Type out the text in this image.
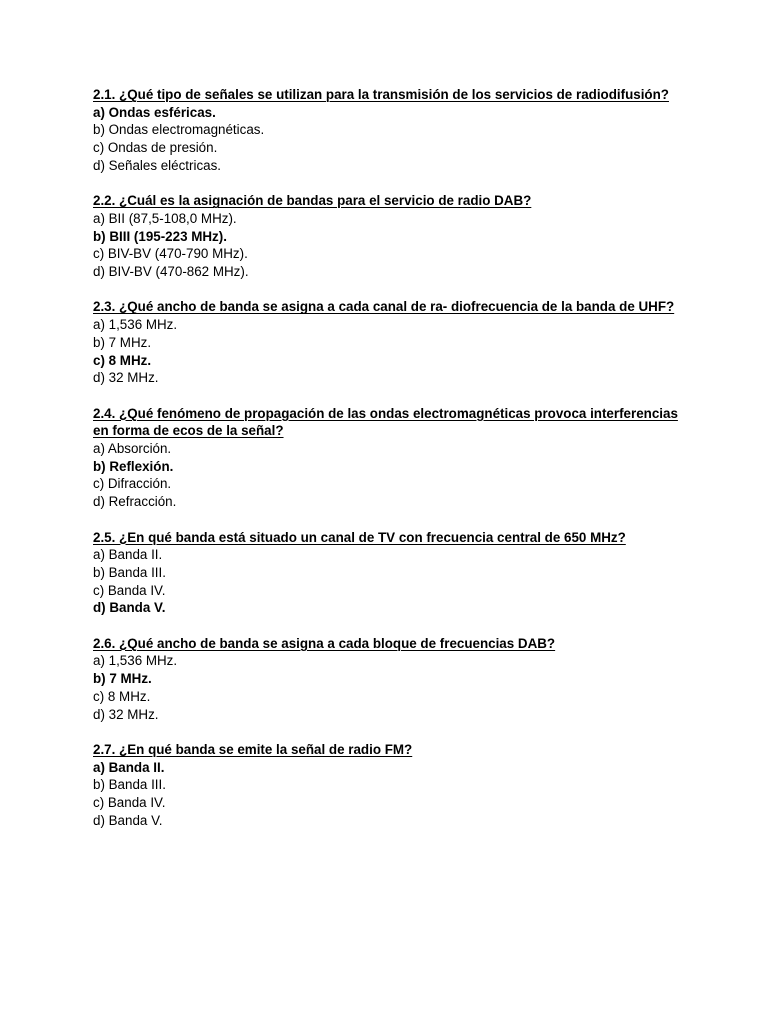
2.1. ¿Qué tipo de señales se utilizan para la transmisión de los servicios de radiodifusión?
a) Ondas esféricas.
b) Ondas electromagnéticas.
c) Ondas de presión.
d) Señales eléctricas.
2.2. ¿Cuál es la asignación de bandas para el servicio de radio DAB?
a) BII (87,5-108,0 MHz).
b) BIII (195-223 MHz).
c) BIV-BV (470-790 MHz).
d) BIV-BV (470-862 MHz).
2.3. ¿Qué ancho de banda se asigna a cada canal de ra- diofrecuencia de la banda de UHF?
a) 1,536 MHz.
b) 7 MHz.
c) 8 MHz.
d) 32 MHz.
2.4. ¿Qué fenómeno de propagación de las ondas electromagnéticas provoca interferencias en forma de ecos de la señal?
a) Absorción.
b) Reflexión.
c) Difracción.
d) Refracción.
2.5. ¿En qué banda está situado un canal de TV con frecuencia central de 650 MHz?
a) Banda II.
b) Banda III.
c) Banda IV.
d) Banda V.
2.6. ¿Qué ancho de banda se asigna a cada bloque de frecuencias DAB?
a) 1,536 MHz.
b) 7 MHz.
c) 8 MHz.
d) 32 MHz.
2.7. ¿En qué banda se emite la señal de radio FM?
a) Banda II.
b) Banda III.
c) Banda IV.
d) Banda V.
